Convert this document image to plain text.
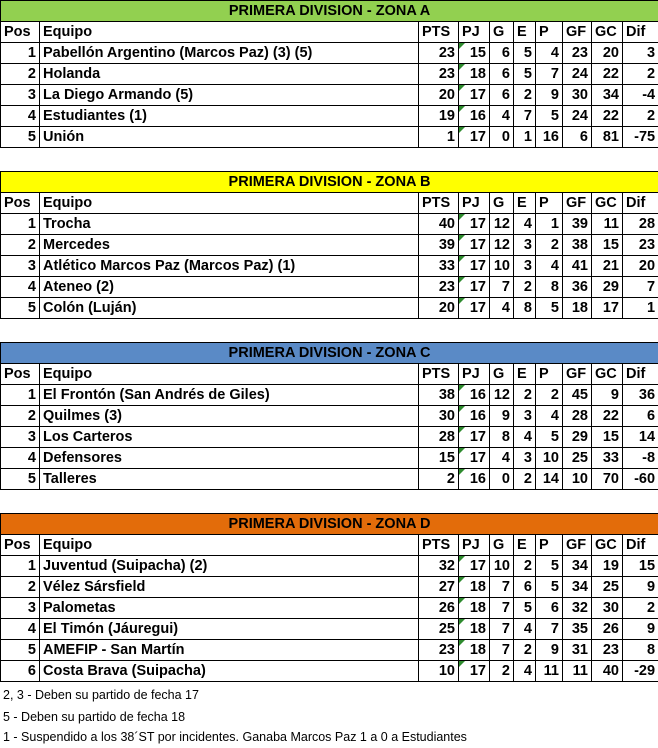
PRIMERA DIVISION - ZONA A									
Pos	Equipo	PTS	PJ	G	E	P	GF	GC	Dif
1	Pabellón Argentino (Marcos Paz) (3) (5)	23	15	6	5	4	23	20	3
2	Holanda	23	18	6	5	7	24	22	2
3	La Diego Armando (5)	20	17	6	2	9	30	34	-4
4	Estudiantes (1)	19	16	4	7	5	24	22	2
5	Unión	1	17	0	1	16	6	81	-75
PRIMERA DIVISION - ZONA B									
Pos	Equipo	PTS	PJ	G	E	P	GF	GC	Dif
1	Trocha	40	17	12	4	1	39	11	28
2	Mercedes	39	17	12	3	2	38	15	23
3	Atlético Marcos Paz (Marcos Paz) (1)	33	17	10	3	4	41	21	20
4	Ateneo (2)	23	17	7	2	8	36	29	7
5	Colón (Luján)	20	17	4	8	5	18	17	1
PRIMERA DIVISION - ZONA C									
Pos	Equipo	PTS	PJ	G	E	P	GF	GC	Dif
1	El Frontón (San Andrés de Giles)	38	16	12	2	2	45	9	36
2	Quilmes (3)	30	16	9	3	4	28	22	6
3	Los Carteros	28	17	8	4	5	29	15	14
4	Defensores	15	17	4	3	10	25	33	-8
5	Talleres	2	16	0	2	14	10	70	-60
PRIMERA DIVISION - ZONA D									
Pos	Equipo	PTS	PJ	G	E	P	GF	GC	Dif
1	Juventud (Suipacha) (2)	32	17	10	2	5	34	19	15
2	Vélez Sársfield	27	18	7	6	5	34	25	9
3	Palometas	26	18	7	5	6	32	30	2
4	El Timón (Jáuregui)	25	18	7	4	7	35	26	9
5	AMEFIP - San Martín	23	18	7	2	9	31	23	8
6	Costa Brava (Suipacha)	10	17	2	4	11	11	40	-29
2, 3 - Deben su partido de fecha 17
5 - Deben su partido de fecha 18
1 - Suspendido a los 38´ST por incidentes. Ganaba Marcos Paz 1 a 0 a Estudiantes
